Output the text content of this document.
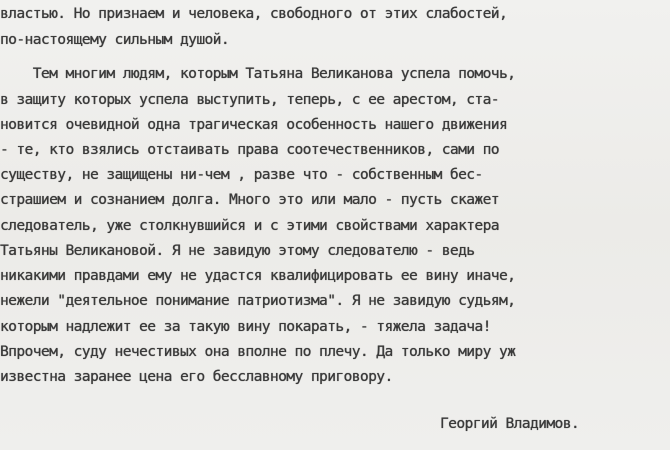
властью. Но признаем и человека, свободного от этих слабостей,
по-настоящему сильным душой.
Тем многим людям, которым Татьяна Великанова успела помочь,
в защиту которых успела выступить, теперь, с ее арестом, ста-
новится очевидной одна трагическая особенность нашего движения
- те, кто взялись отстаивать права соотечественников, сами по
существу, не защищены ни-чем , разве что - собственным бес-
страшием и сознанием долга. Много это или мало - пусть скажет
следователь, уже столкнувшийся и с этими свойствами характера
Татьяны Великановой. Я не завидую этому следователю - ведь
никакими правдами ему не удастся квалифицировать ее вину иначе,
нежели "деятельное понимание патриотизма". Я не завидую судьям,
которым надлежит ее за такую вину покарать, - тяжела задача!
Впрочем, суду нечестивых она вполне по плечу. Да только миру уж
известна заранее цена его бесславному приговору.
Георгий Владимов.
